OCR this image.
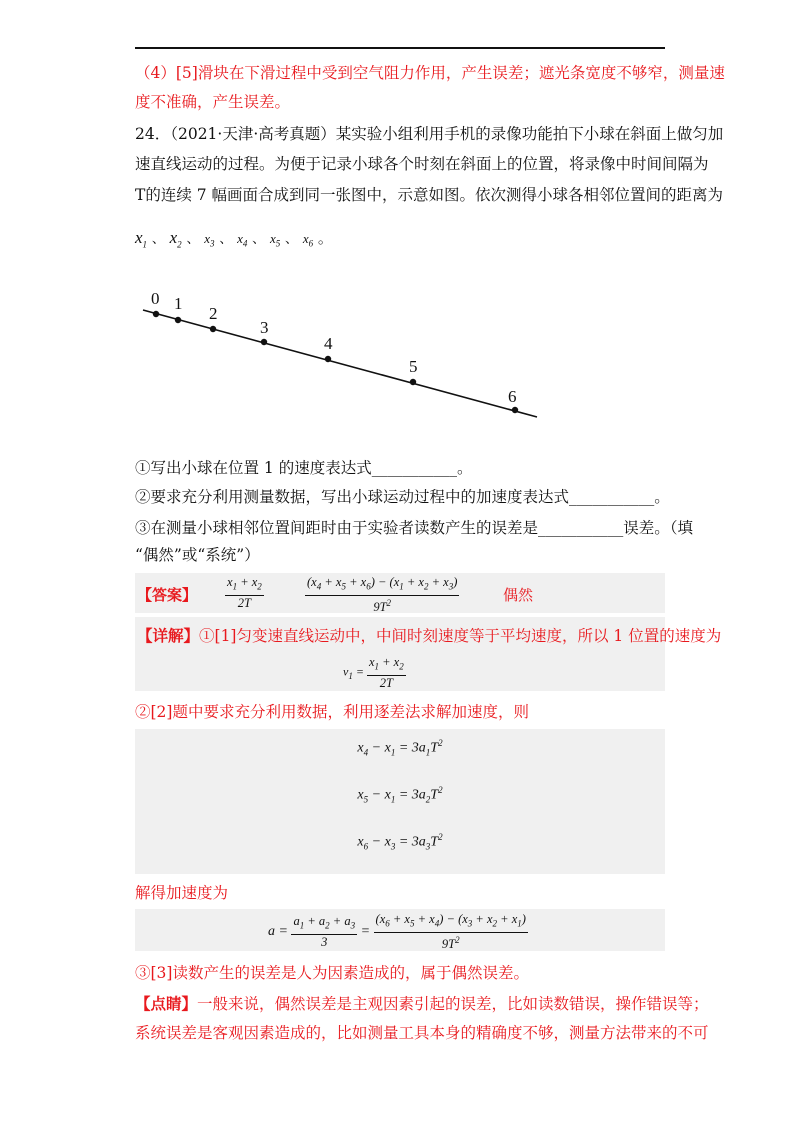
（4）[5]滑块在下滑过程中受到空气阻力作用，产生误差；遮光条宽度不够窄，测量速
度不准确，产生误差。
24．（2021·天津·高考真题）某实验小组利用手机的录像功能拍下小球在斜面上做匀加
速直线运动的过程。为便于记录小球各个时刻在斜面上的位置，将录像中时间间隔为
T的连续 7 幅画面合成到同一张图中，示意如图。依次测得小球各相邻位置间的距离为
$x_1$ 、 $x_2$ 、 $x_3$ 、 $x_4$ 、 $x_5$ 、 $x_6$ 。
0 1
2
3
4
5
6
①写出小球在位置 1 的速度表达式___________。
②要求充分利用测量数据，写出小球运动过程中的加速度表达式___________。
③在测量小球相邻位置间距时由于实验者读数产生的误差是___________误差。（填
“偶然”或“系统”）
【答案】 $\frac{x_1 + x_2}{2T}$	$\frac{(x_4 + x_5 + x_6) - (x_1 + x_2 + x_3)}{9T^2}$	偶然
【详解】①[1]匀变速直线运动中，中间时刻速度等于平均速度，所以 1 位置的速度为
$v_1 = \frac{x_1 + x_2}{2T}$
②[2]题中要求充分利用数据，利用逐差法求解加速度，则
$x_4 - x_1 = 3a_1T^2$
$x_5 - x_1 = 3a_2T^2$
$x_6 - x_3 = 3a_3T^2$
解得加速度为
$a = \frac{a_1 + a_2 + a_3}{3} = \frac{(x_6 + x_5 + x_4) - (x_3 + x_2 + x_1)}{9T^2}$
③[3]读数产生的误差是人为因素造成的，属于偶然误差。
【点睛】一般来说，偶然误差是主观因素引起的误差，比如读数错误，操作错误等；
系统误差是客观因素造成的，比如测量工具本身的精确度不够，测量方法带来的不可
